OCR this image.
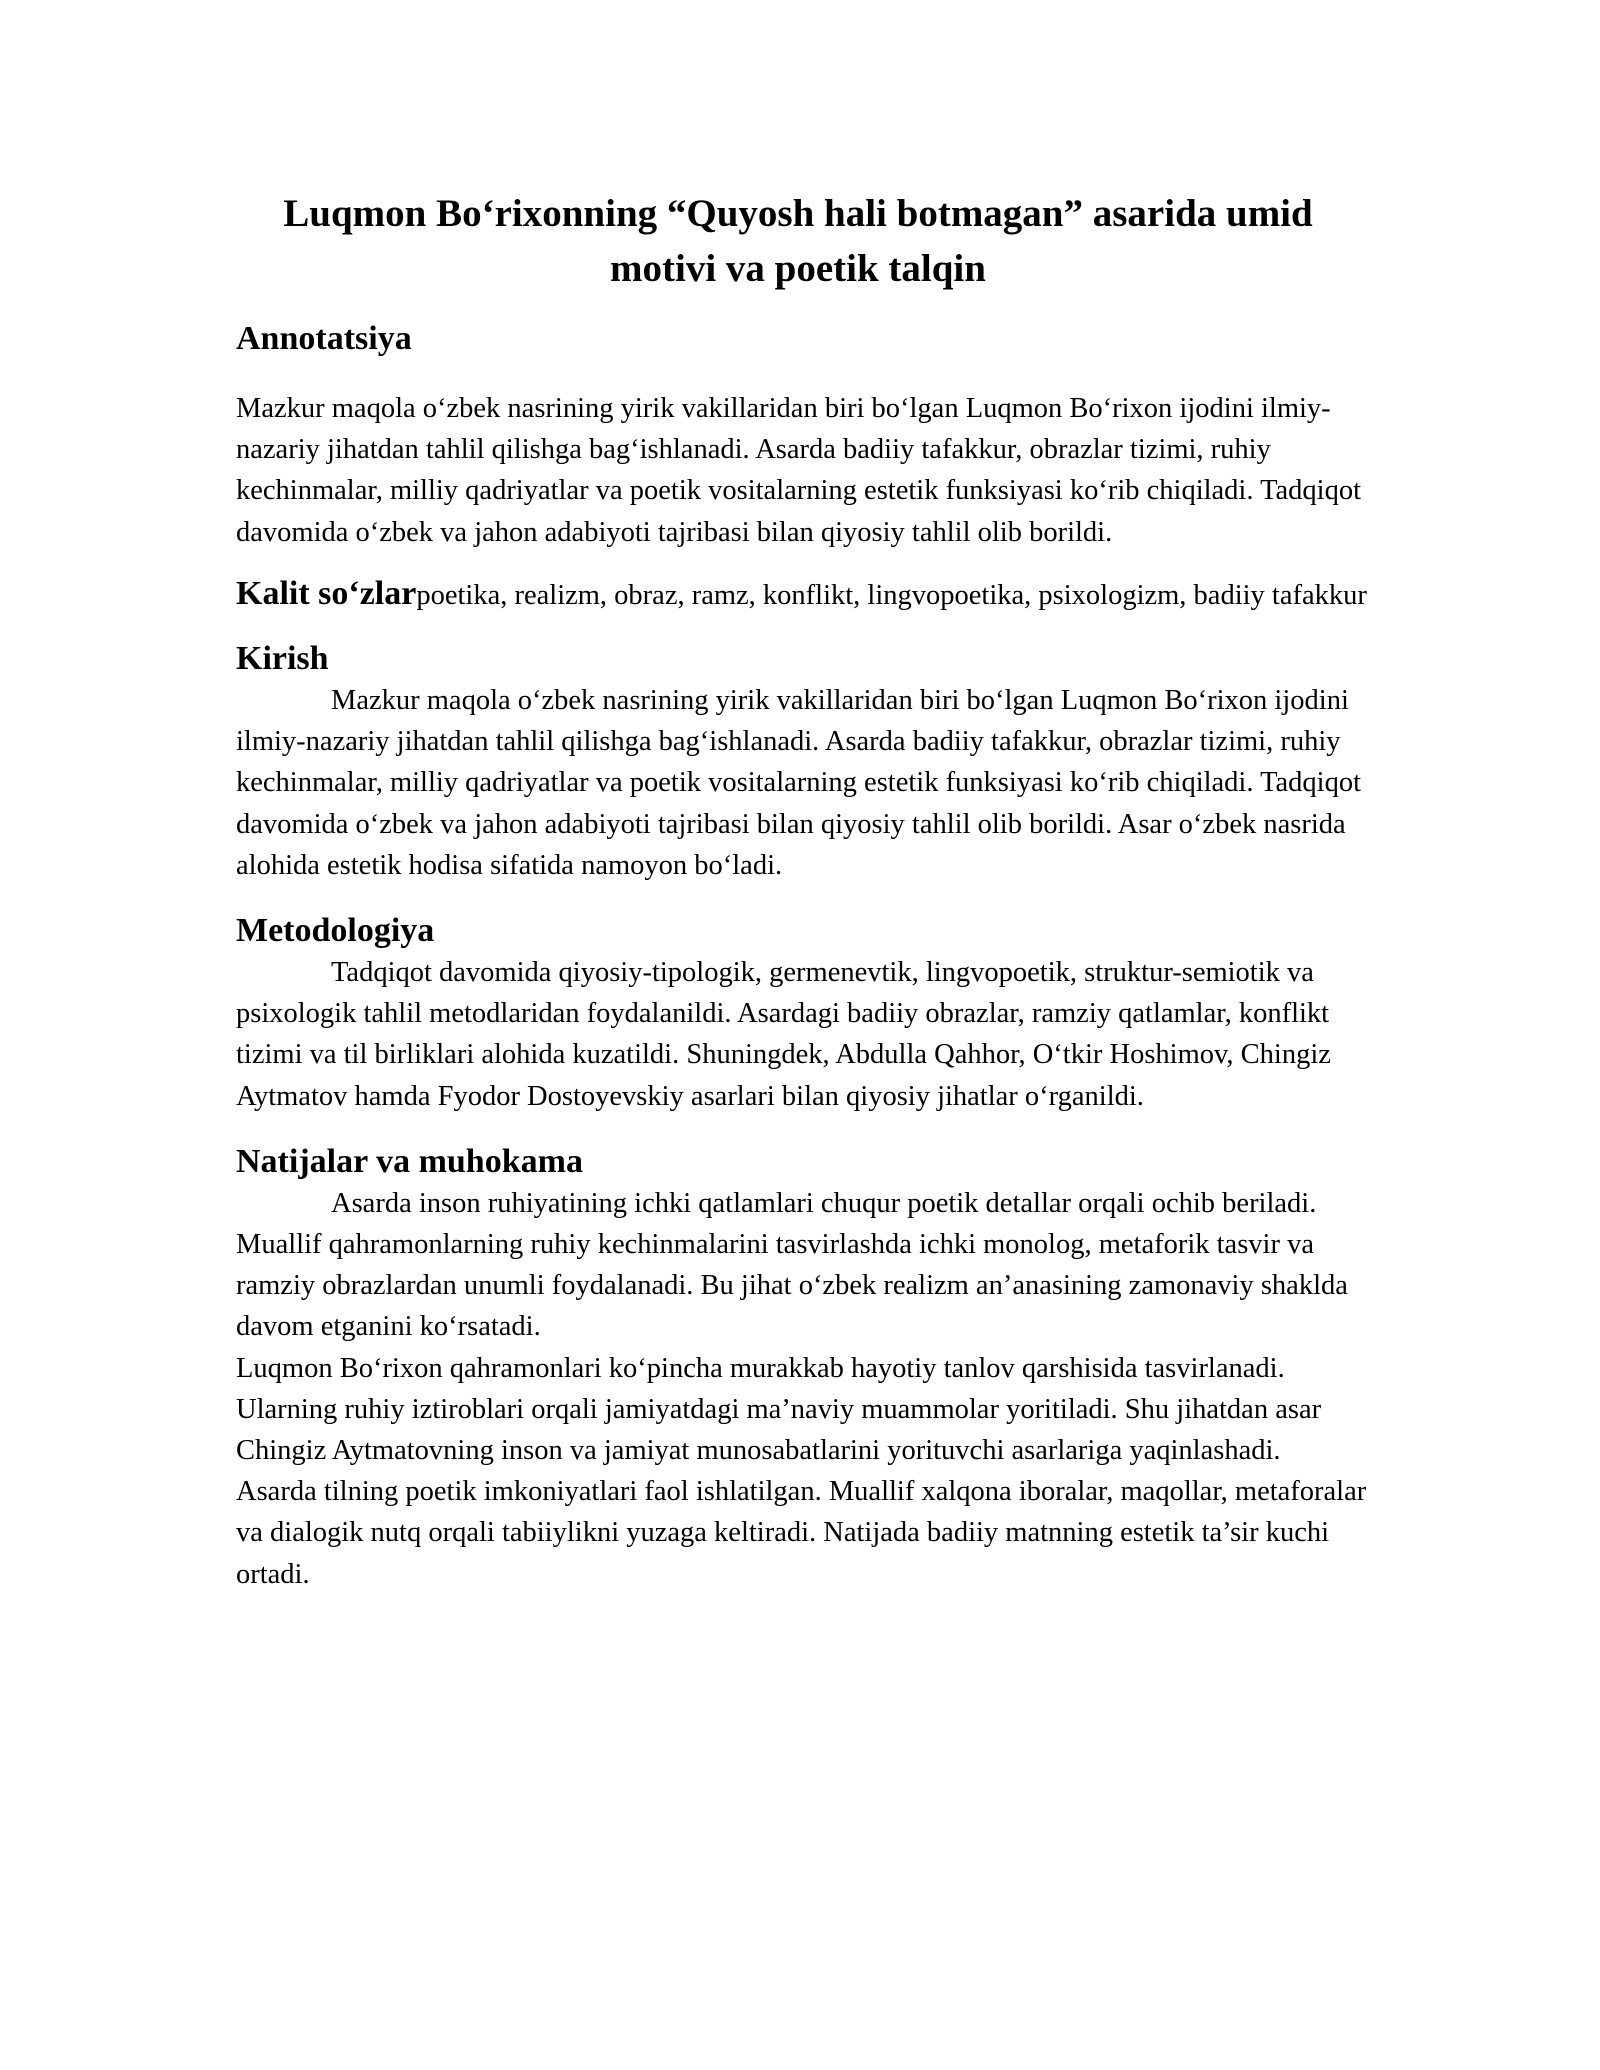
Luqmon Bo‘rixonning “Quyosh hali botmagan” asarida umid motivi va poetik talqin
Annotatsiya

Mazkur maqola o‘zbek nasrining yirik vakillaridan biri bo‘lgan Luqmon Bo‘rixon ijodini ilmiy-nazariy jihatdan tahlil qilishga bag‘ishlanadi. Asarda badiiy tafakkur, obrazlar tizimi, ruhiy kechinmalar, milliy qadriyatlar va poetik vositalarning estetik funksiyasi ko‘rib chiqiladi. Tadqiqot davomida o‘zbek va jahon adabiyoti tajribasi bilan qiyosiy tahlil olib borildi.

Kalit so‘zlarpoetika, realizm, obraz, ramz, konflikt, lingvopoetika, psixologizm, badiiy tafakkur

Kirish

Mazkur maqola o‘zbek nasrining yirik vakillaridan biri bo‘lgan Luqmon Bo‘rixon ijodini ilmiy-nazariy jihatdan tahlil qilishga bag‘ishlanadi. Asarda badiiy tafakkur, obrazlar tizimi, ruhiy kechinmalar, milliy qadriyatlar va poetik vositalarning estetik funksiyasi ko‘rib chiqiladi. Tadqiqot davomida o‘zbek va jahon adabiyoti tajribasi bilan qiyosiy tahlil olib borildi. Asar o‘zbek nasrida alohida estetik hodisa sifatida namoyon bo‘ladi.

Metodologiya

Tadqiqot davomida qiyosiy-tipologik, germenevtik, lingvopoetik, struktur-semiotik va psixologik tahlil metodlaridan foydalanildi. Asardagi badiiy obrazlar, ramziy qatlamlar, konflikt tizimi va til birliklari alohida kuzatildi. Shuningdek, Abdulla Qahhor, O‘tkir Hoshimov, Chingiz Aytmatov hamda Fyodor Dostoyevskiy asarlari bilan qiyosiy jihatlar o‘rganildi.

Natijalar va muhokama

Asarda inson ruhiyatining ichki qatlamlari chuqur poetik detallar orqali ochib beriladi. Muallif qahramonlarning ruhiy kechinmalarini tasvirlashda ichki monolog, metaforik tasvir va ramziy obrazlardan unumli foydalanadi. Bu jihat o‘zbek realizm an’anasining zamonaviy shaklda davom etganini ko‘rsatadi.

Luqmon Bo‘rixon qahramonlari ko‘pincha murakkab hayotiy tanlov qarshisida tasvirlanadi. Ularning ruhiy iztiroblari orqali jamiyatdagi ma’naviy muammolar yoritiladi. Shu jihatdan asar Chingiz Aytmatovning inson va jamiyat munosabatlarini yorituvchi asarlariga yaqinlashadi.

Asarda tilning poetik imkoniyatlari faol ishlatilgan. Muallif xalqona iboralar, maqollar, metaforalar va dialogik nutq orqali tabiiylikni yuzaga keltiradi. Natijada badiiy matnning estetik ta’sir kuchi ortadi.
